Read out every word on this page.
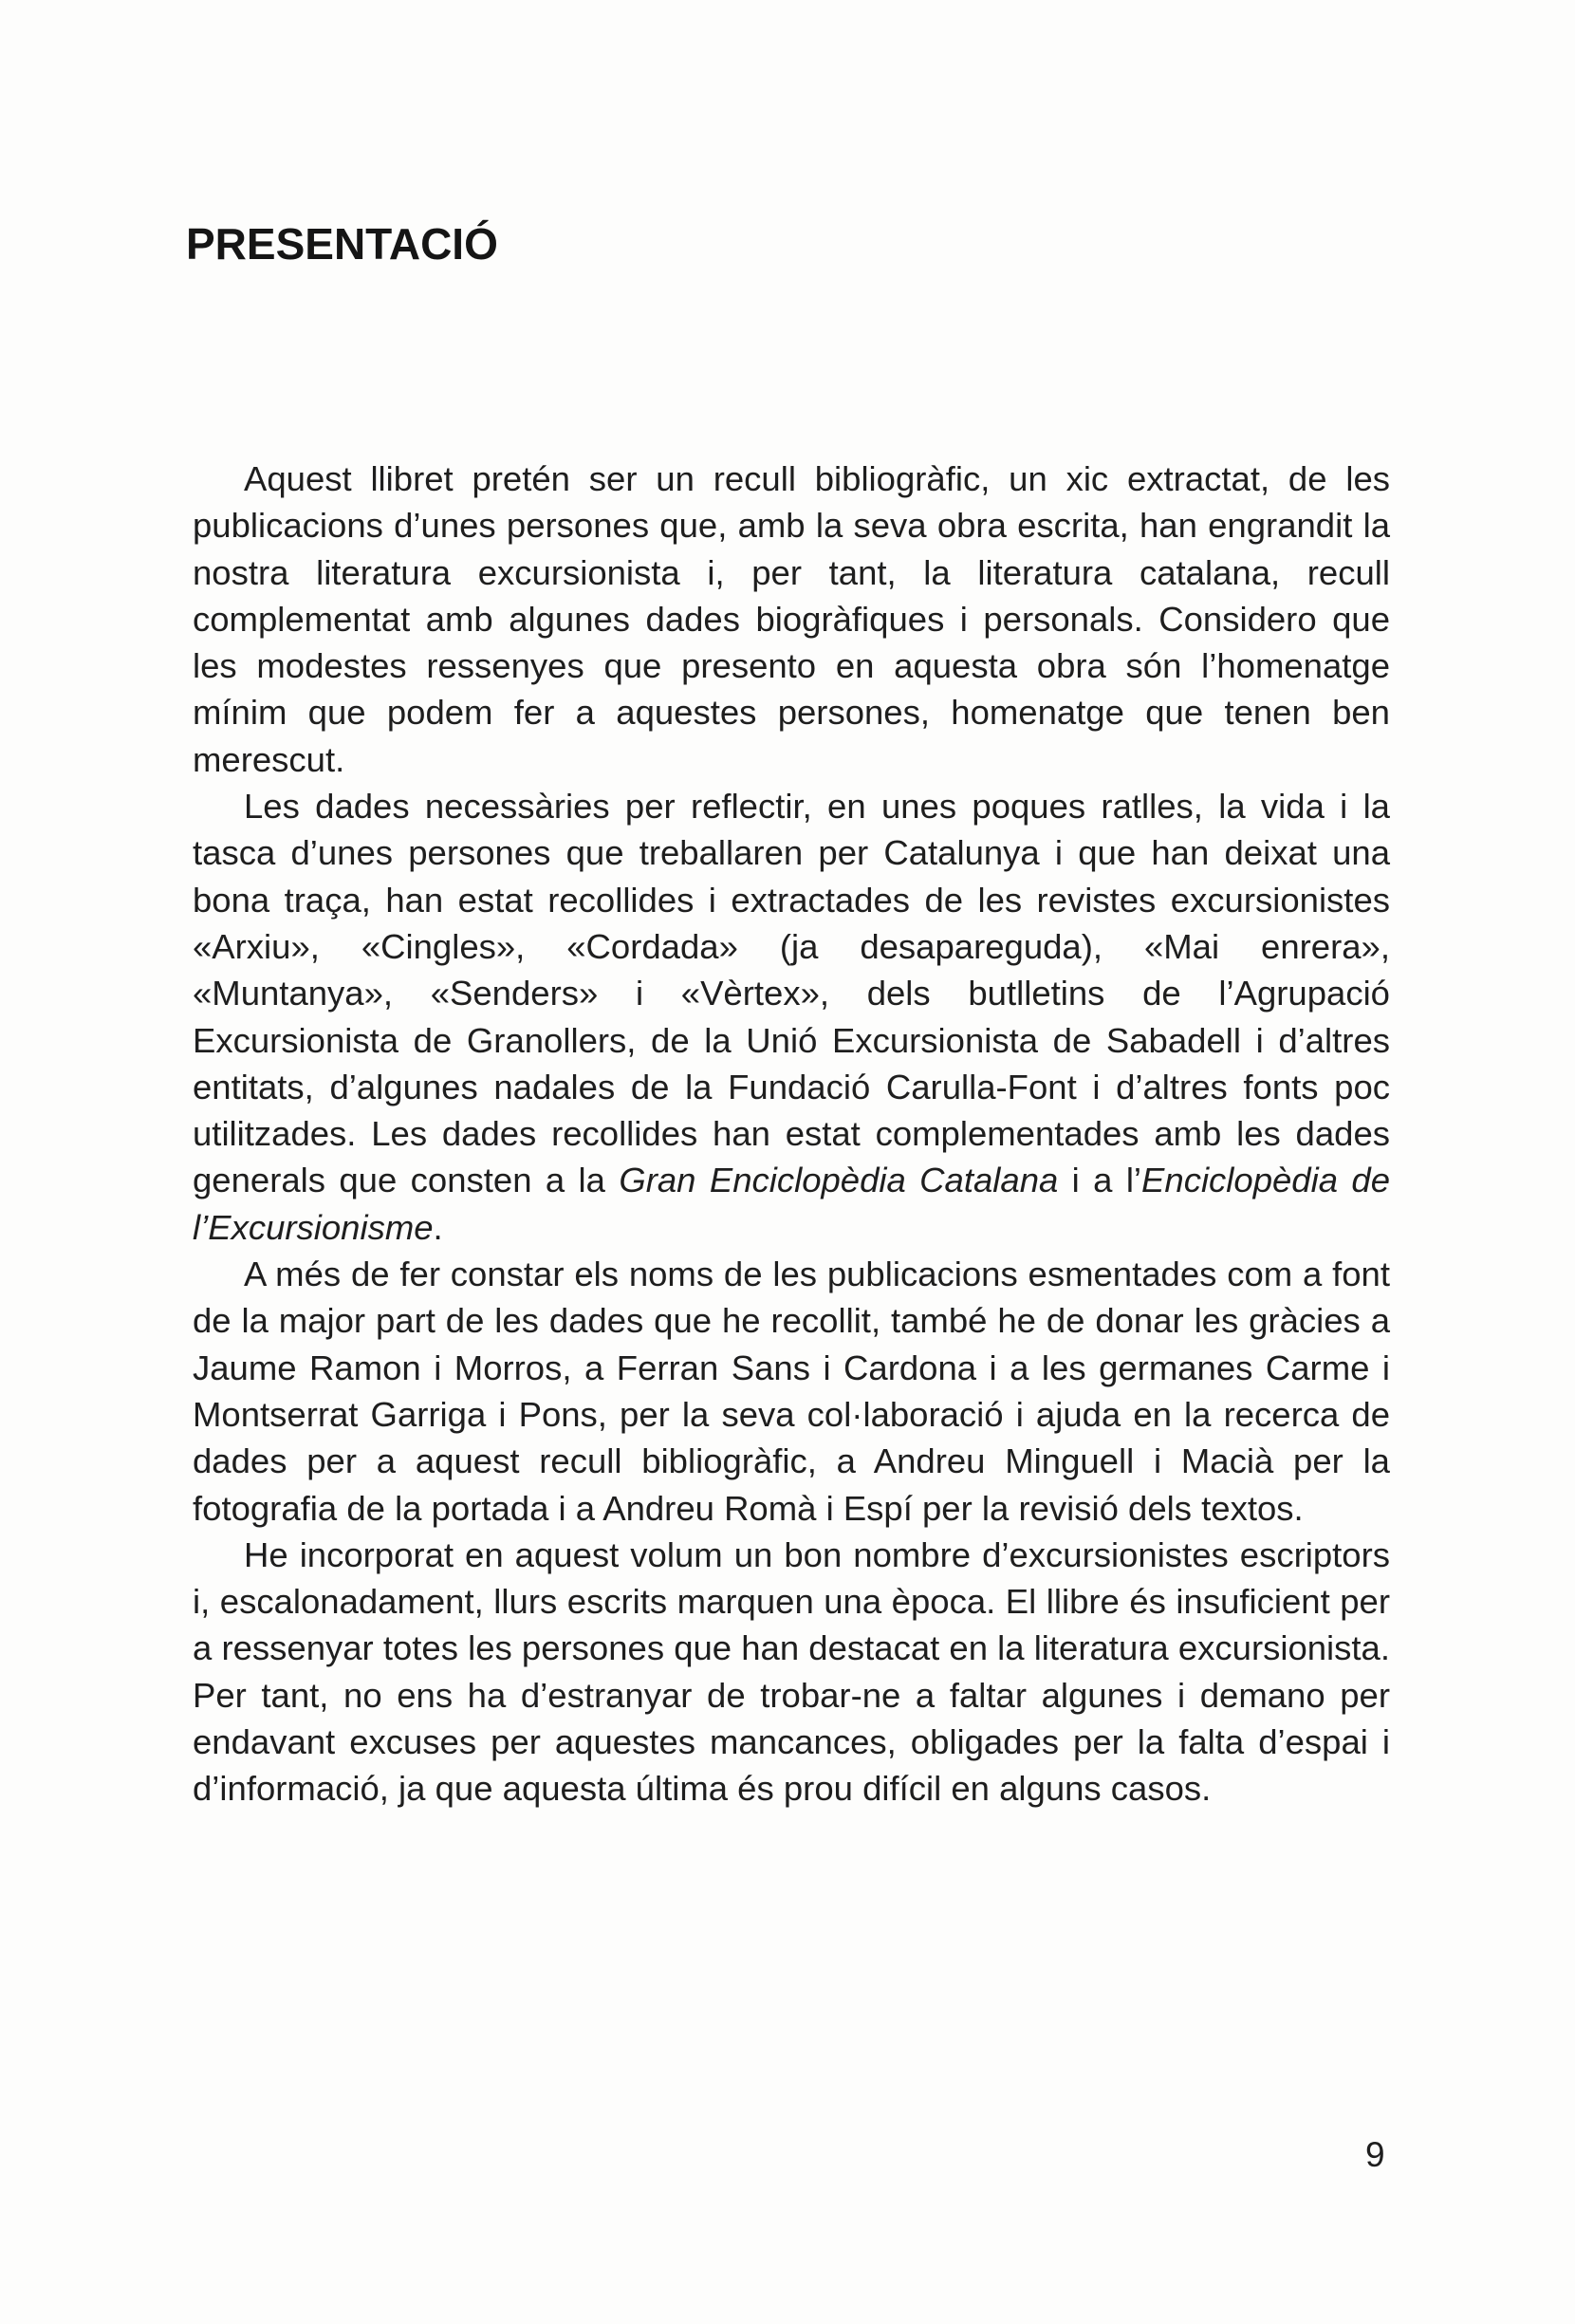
PRESENTACIÓ

Aquest llibret pretén ser un recull bibliogràfic, un xic extractat, de les publicacions d’unes persones que, amb la seva obra escrita, han engrandit la nostra literatura excursionista i, per tant, la literatura catalana, recull complementat amb algunes dades biogràfiques i personals. Considero que les modestes ressenyes que presento en aquesta obra són l’homenatge mínim que podem fer a aquestes persones, homenatge que tenen ben merescut.

Les dades necessàries per reflectir, en unes poques ratlles, la vida i la tasca d’unes persones que treballaren per Catalunya i que han deixat una bona traça, han estat recollides i extractades de les revistes excursionistes «Arxiu», «Cingles», «Cordada» (ja desapareguda), «Mai enrera», «Muntanya», «Senders» i «Vèrtex», dels butlletins de l’Agrupació Excursionista de Granollers, de la Unió Excursionista de Sabadell i d’altres entitats, d’algunes nadales de la Fundació Carulla-Font i d’altres fonts poc utilitzades. Les dades recollides han estat complementades amb les dades generals que consten a la Gran Enciclopèdia Catalana i a l’Enciclopèdia de l’Excursionisme.

A més de fer constar els noms de les publicacions esmentades com a font de la major part de les dades que he recollit, també he de donar les gràcies a Jaume Ramon i Morros, a Ferran Sans i Cardona i a les germanes Carme i Montserrat Garriga i Pons, per la seva col·laboració i ajuda en la recerca de dades per a aquest recull bibliogràfic, a Andreu Minguell i Macià per la fotografia de la portada i a Andreu Romà i Espí per la revisió dels textos.

He incorporat en aquest volum un bon nombre d’excursionistes escriptors i, escalonadament, llurs escrits marquen una època. El llibre és insuficient per a ressenyar totes les persones que han destacat en la literatura excursionista. Per tant, no ens ha d’estranyar de trobar-ne a faltar algunes i demano per endavant excuses per aquestes mancances, obligades per la falta d’espai i d’informació, ja que aquesta última és prou difícil en alguns casos.

9
